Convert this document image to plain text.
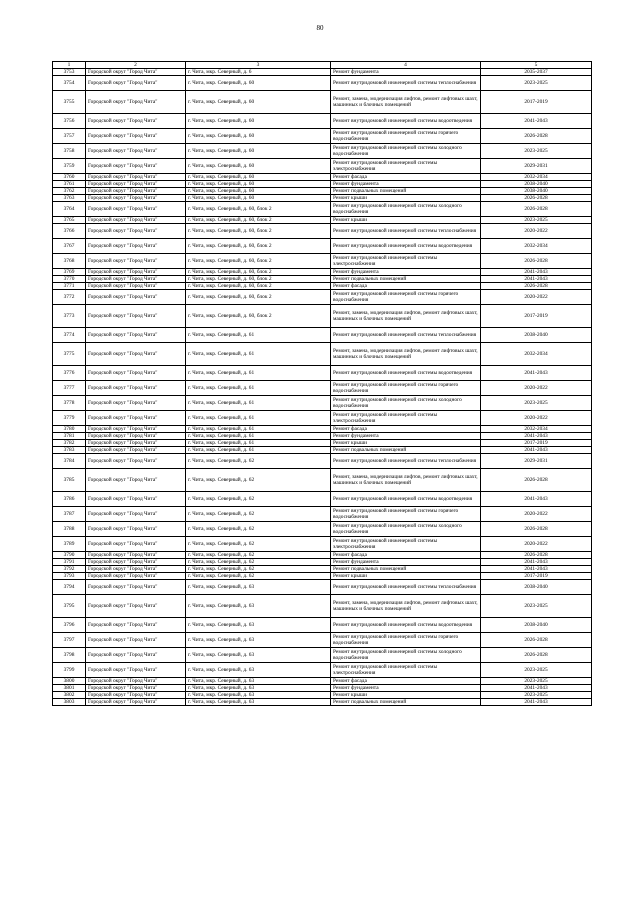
80
1	2	3	4	5
3753	Городской округ "Город Чита"	г. Чита, мкр. Северный, д. 6	Ремонт фундамента	2035-2037
3754	Городской округ "Город Чита"	г. Чита, мкр. Северный, д. 60	Ремонт внутридомовой инженерной системы теплоснабжения	2023-2025
3755	Городской округ "Город Чита"	г. Чита, мкр. Северный, д. 60	Ремонт, замена, модернизация лифтов, ремонт лифтовых шахт, машинных и блочных помещений	2017-2019
3756	Городской округ "Город Чита"	г. Чита, мкр. Северный, д. 60	Ремонт внутридомовой инженерной системы водоотведения	2041-2043
3757	Городской округ "Город Чита"	г. Чита, мкр. Северный, д. 60	Ремонт внутридомовой инженерной системы горячего водоснабжения	2026-2028
3758	Городской округ "Город Чита"	г. Чита, мкр. Северный, д. 60	Ремонт внутридомовой инженерной системы холодного водоснабжения	2023-2025
3759	Городской округ "Город Чита"	г. Чита, мкр. Северный, д. 60	Ремонт внутридомовой инженерной системы электроснабжения	2029-2031
3760	Городской округ "Город Чита"	г. Чита, мкр. Северный, д. 60	Ремонт фасада	2032-2034
3761	Городской округ "Город Чита"	г. Чита, мкр. Северный, д. 60	Ремонт фундамента	2038-2040
3762	Городской округ "Город Чита"	г. Чита, мкр. Северный, д. 60	Ремонт подвальных помещений	2038-2040
3763	Городской округ "Город Чита"	г. Чита, мкр. Северный, д. 60	Ремонт крыши	2026-2028
3764	Городской округ "Город Чита"	г. Чита, мкр. Северный, д. 60, блок 2	Ремонт внутридомовой инженерной системы холодного водоснабжения	2026-2028
3765	Городской округ "Город Чита"	г. Чита, мкр. Северный, д. 60, блок 2	Ремонт крыши	2023-2025
3766	Городской округ "Город Чита"	г. Чита, мкр. Северный, д. 60, блок 2	Ремонт внутридомовой инженерной системы теплоснабжения	2020-2022
3767	Городской округ "Город Чита"	г. Чита, мкр. Северный, д. 60, блок 2	Ремонт внутридомовой инженерной системы водоотведения	2032-2034
3768	Городской округ "Город Чита"	г. Чита, мкр. Северный, д. 60, блок 2	Ремонт внутридомовой инженерной системы электроснабжения	2026-2028
3769	Городской округ "Город Чита"	г. Чита, мкр. Северный, д. 60, блок 2	Ремонт фундамента	2041-2043
3770	Городской округ "Город Чита"	г. Чита, мкр. Северный, д. 60, блок 2	Ремонт подвальных помещений	2041-2043
3771	Городской округ "Город Чита"	г. Чита, мкр. Северный, д. 60, блок 2	Ремонт фасада	2026-2028
3772	Городской округ "Город Чита"	г. Чита, мкр. Северный, д. 60, блок 2	Ремонт внутридомовой инженерной системы горячего водоснабжения	2020-2022
3773	Городской округ "Город Чита"	г. Чита, мкр. Северный, д. 60, блок 2	Ремонт, замена, модернизация лифтов, ремонт лифтовых шахт, машинных и блочных помещений	2017-2019
3774	Городской округ "Город Чита"	г. Чита, мкр. Северный, д. 61	Ремонт внутридомовой инженерной системы теплоснабжения	2038-2040
3775	Городской округ "Город Чита"	г. Чита, мкр. Северный, д. 61	Ремонт, замена, модернизация лифтов, ремонт лифтовых шахт, машинных и блочных помещений	2032-2034
3776	Городской округ "Город Чита"	г. Чита, мкр. Северный, д. 61	Ремонт внутридомовой инженерной системы водоотведения	2041-2043
3777	Городской округ "Город Чита"	г. Чита, мкр. Северный, д. 61	Ремонт внутридомовой инженерной системы горячего водоснабжения	2020-2022
3778	Городской округ "Город Чита"	г. Чита, мкр. Северный, д. 61	Ремонт внутридомовой инженерной системы холодного водоснабжения	2023-2025
3779	Городской округ "Город Чита"	г. Чита, мкр. Северный, д. 61	Ремонт внутридомовой инженерной системы электроснабжения	2020-2022
3780	Городской округ "Город Чита"	г. Чита, мкр. Северный, д. 61	Ремонт фасада	2032-2034
3781	Городской округ "Город Чита"	г. Чита, мкр. Северный, д. 61	Ремонт фундамента	2041-2043
3782	Городской округ "Город Чита"	г. Чита, мкр. Северный, д. 61	Ремонт крыши	2017-2019
3783	Городской округ "Город Чита"	г. Чита, мкр. Северный, д. 61	Ремонт подвальных помещений	2041-2043
3784	Городской округ "Город Чита"	г. Чита, мкр. Северный, д. 62	Ремонт внутридомовой инженерной системы теплоснабжения	2029-2031
3785	Городской округ "Город Чита"	г. Чита, мкр. Северный, д. 62	Ремонт, замена, модернизация лифтов, ремонт лифтовых шахт, машинных и блочных помещений	2026-2028
3786	Городской округ "Город Чита"	г. Чита, мкр. Северный, д. 62	Ремонт внутридомовой инженерной системы водоотведения	2041-2043
3787	Городской округ "Город Чита"	г. Чита, мкр. Северный, д. 62	Ремонт внутридомовой инженерной системы горячего водоснабжения	2020-2022
3788	Городской округ "Город Чита"	г. Чита, мкр. Северный, д. 62	Ремонт внутридомовой инженерной системы холодного водоснабжения	2026-2028
3789	Городской округ "Город Чита"	г. Чита, мкр. Северный, д. 62	Ремонт внутридомовой инженерной системы электроснабжения	2020-2022
3790	Городской округ "Город Чита"	г. Чита, мкр. Северный, д. 62	Ремонт фасада	2026-2028
3791	Городской округ "Город Чита"	г. Чита, мкр. Северный, д. 62	Ремонт фундамента	2041-2043
3792	Городской округ "Город Чита"	г. Чита, мкр. Северный, д. 62	Ремонт подвальных помещений	2041-2043
3793	Городской округ "Город Чита"	г. Чита, мкр. Северный, д. 62	Ремонт крыши	2017-2019
3794	Городской округ "Город Чита"	г. Чита, мкр. Северный, д. 63	Ремонт внутридомовой инженерной системы теплоснабжения	2038-2040
3795	Городской округ "Город Чита"	г. Чита, мкр. Северный, д. 63	Ремонт, замена, модернизация лифтов, ремонт лифтовых шахт, машинных и блочных помещений	2023-2025
3796	Городской округ "Город Чита"	г. Чита, мкр. Северный, д. 63	Ремонт внутридомовой инженерной системы водоотведения	2038-2040
3797	Городской округ "Город Чита"	г. Чита, мкр. Северный, д. 63	Ремонт внутридомовой инженерной системы горячего водоснабжения	2026-2028
3798	Городской округ "Город Чита"	г. Чита, мкр. Северный, д. 63	Ремонт внутридомовой инженерной системы холодного водоснабжения	2026-2028
3799	Городской округ "Город Чита"	г. Чита, мкр. Северный, д. 63	Ремонт внутридомовой инженерной системы электроснабжения	2023-2025
3800	Городской округ "Город Чита"	г. Чита, мкр. Северный, д. 63	Ремонт фасада	2023-2025
3801	Городской округ "Город Чита"	г. Чита, мкр. Северный, д. 63	Ремонт фундамента	2041-2043
3802	Городской округ "Город Чита"	г. Чита, мкр. Северный, д. 63	Ремонт крыши	2023-2025
3803	Городской округ "Город Чита"	г. Чита, мкр. Северный, д. 63	Ремонт подвальных помещений	2041-2043
